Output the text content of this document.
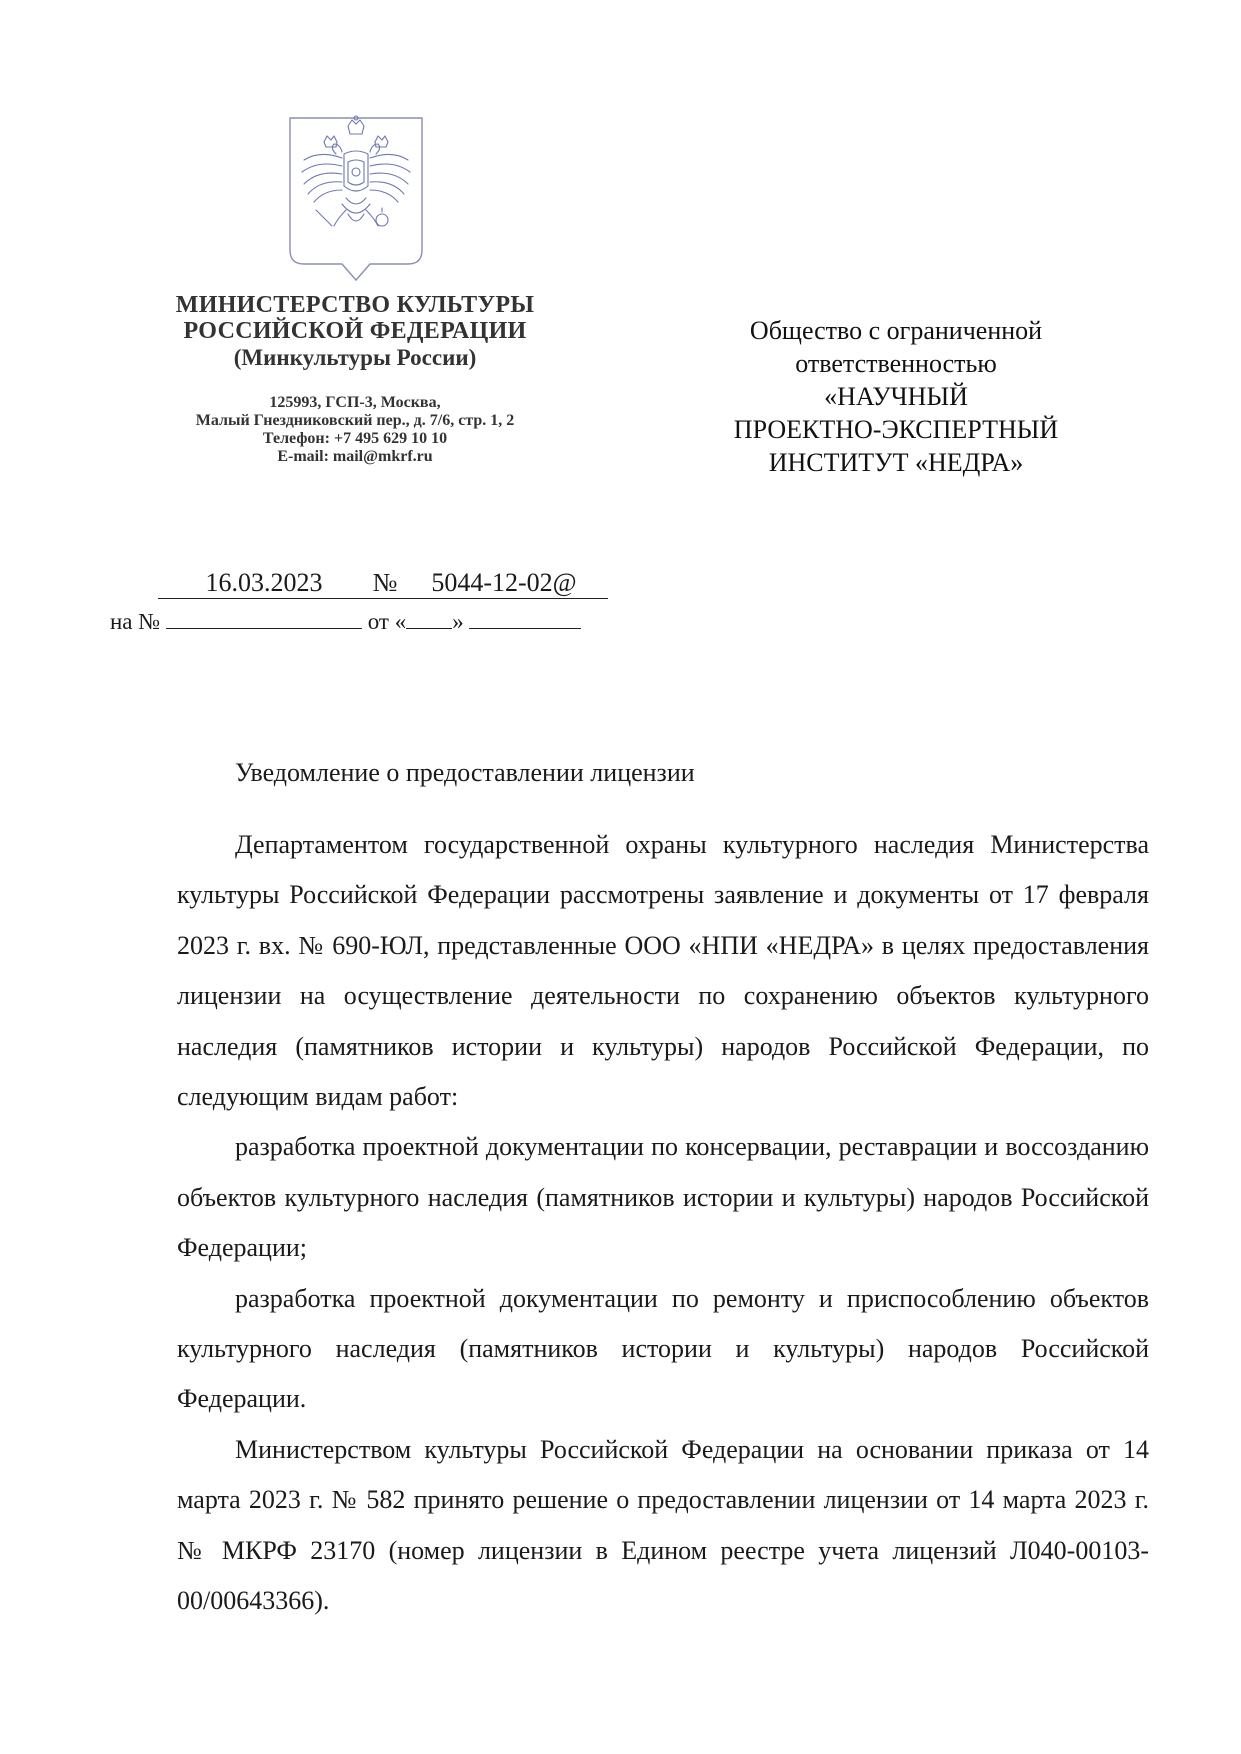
МИНИСТЕРСТВО КУЛЬТУРЫ
РОССИЙСКОЙ ФЕДЕРАЦИИ
(Минкультуры России)
125993, ГСП-3, Москва,
Малый Гнездниковский пер., д. 7/6, стр. 1, 2
Телефон: +7 495 629 10 10
E-mail: mail@mkrf.ru
Общество с ограниченной
ответственностью
«НАУЧНЫЙ
ПРОЕКТНО-ЭКСПЕРТНЫЙ
ИНСТИТУТ «НЕДРА»
16.03.2023 № 5044-12-02@
на №	от « »
Уведомление о предоставлении лицензии

Департаментом государственной охраны культурного наследия Министерства культуры Российской Федерации рассмотрены заявление и документы от 17 февраля 2023 г. вх. № 690-ЮЛ, представленные ООО «НПИ «НЕДРА» в целях предоставления лицензии на осуществление деятельности по сохранению объектов культурного наследия (памятников истории и культуры) народов Российской Федерации, по следующим видам работ:

разработка проектной документации по консервации, реставрации и воссозданию объектов культурного наследия (памятников истории и культуры) народов Российской Федерации;

разработка проектной документации по ремонту и приспособлению объектов культурного наследия (памятников истории и культуры) народов Российской Федерации.

Министерством культуры Российской Федерации на основании приказа от 14 марта 2023 г. № 582 принято решение о предоставлении лицензии от 14 марта 2023 г. № МКРФ 23170 (номер лицензии в Едином реестре учета лицензий Л040-00103-00/00643366).
